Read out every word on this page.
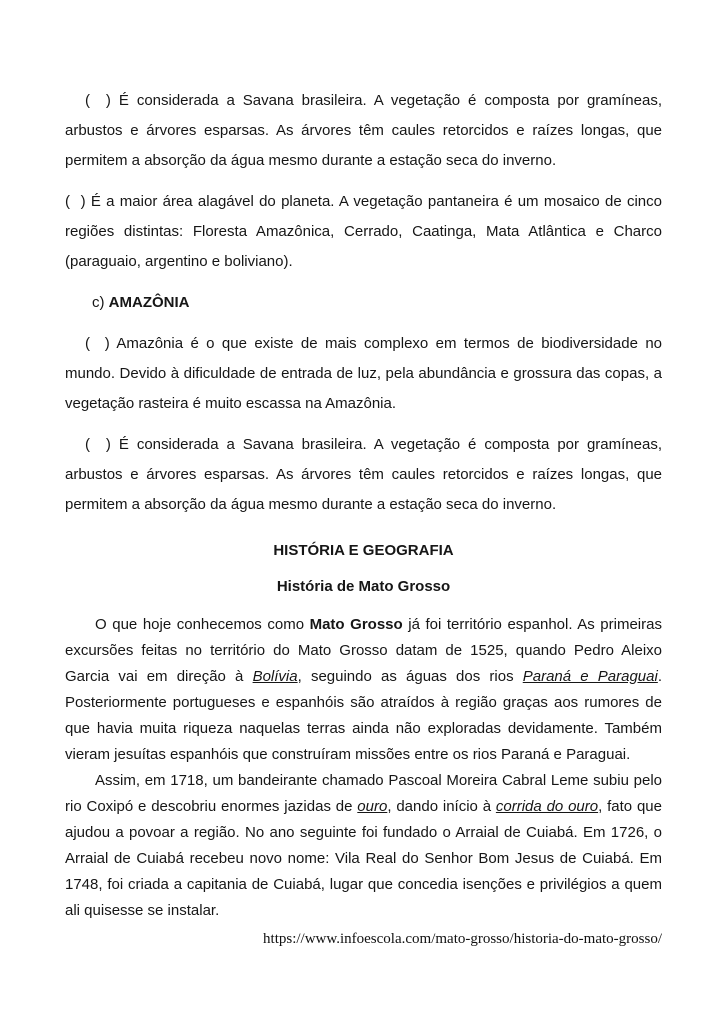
(  ) É considerada a Savana brasileira. A vegetação é composta por gramíneas, arbustos e árvores esparsas. As árvores têm caules retorcidos e raízes longas, que permitem a absorção da água mesmo durante a estação seca do inverno.

(  ) É a maior área alagável do planeta. A vegetação pantaneira é um mosaico de cinco regiões distintas: Floresta Amazônica, Cerrado, Caatinga, Mata Atlântica e Charco (paraguaio, argentino e boliviano).

c) AMAZÔNIA

(  ) Amazônia é o que existe de mais complexo em termos de biodiversidade no mundo. Devido à dificuldade de entrada de luz, pela abundância e grossura das copas, a vegetação rasteira é muito escassa na Amazônia.

(  ) É considerada a Savana brasileira. A vegetação é composta por gramíneas, arbustos e árvores esparsas. As árvores têm caules retorcidos e raízes longas, que permitem a absorção da água mesmo durante a estação seca do inverno.

HISTÓRIA E GEOGRAFIA

História de Mato Grosso

O que hoje conhecemos como Mato Grosso já foi território espanhol. As primeiras excursões feitas no território do Mato Grosso datam de 1525, quando Pedro Aleixo Garcia vai em direção à Bolívia, seguindo as águas dos rios Paraná e Paraguai. Posteriormente portugueses e espanhóis são atraídos à região graças aos rumores de que havia muita riqueza naquelas terras ainda não exploradas devidamente. Também vieram jesuítas espanhóis que construíram missões entre os rios Paraná e Paraguai.

Assim, em 1718, um bandeirante chamado Pascoal Moreira Cabral Leme subiu pelo rio Coxipó e descobriu enormes jazidas de ouro, dando início à corrida do ouro, fato que ajudou a povoar a região. No ano seguinte foi fundado o Arraial de Cuiabá. Em 1726, o Arraial de Cuiabá recebeu novo nome: Vila Real do Senhor Bom Jesus de Cuiabá. Em 1748, foi criada a capitania de Cuiabá, lugar que concedia isenções e privilégios a quem ali quisesse se instalar.

https://www.infoescola.com/mato-grosso/historia-do-mato-grosso/
